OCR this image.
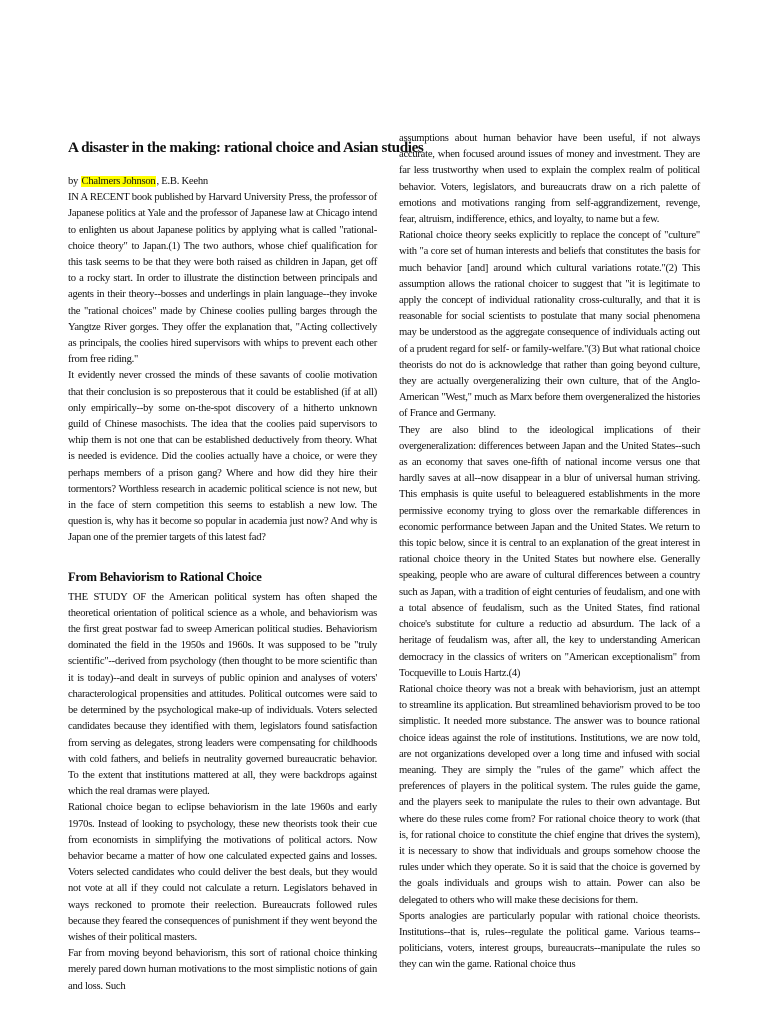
A disaster in the making: rational choice and Asian studies

by Chalmers Johnson, E.B. Keehn

IN A RECENT book published by Harvard University Press, the professor of Japanese politics at Yale and the professor of Japanese law at Chicago intend to enlighten us about Japanese politics by applying what is called "rational-choice theory" to Japan.(1) The two authors, whose chief qualification for this task seems to be that they were both raised as children in Japan, get off to a rocky start. In order to illustrate the distinction between principals and agents in their theory--bosses and underlings in plain language--they invoke the "rational choices" made by Chinese coolies pulling barges through the Yangtze River gorges. They offer the explanation that, "Acting collectively as principals, the coolies hired supervisors with whips to prevent each other from free riding."

It evidently never crossed the minds of these savants of coolie motivation that their conclusion is so preposterous that it could be established (if at all) only empirically--by some on-the-spot discovery of a hitherto unknown guild of Chinese masochists. The idea that the coolies paid supervisors to whip them is not one that can be established deductively from theory. What is needed is evidence. Did the coolies actually have a choice, or were they perhaps members of a prison gang? Where and how did they hire their tormentors? Worthless research in academic political science is not new, but in the face of stern competition this seems to establish a new low. The question is, why has it become so popular in academia just now? And why is Japan one of the premier targets of this latest fad?

From Behaviorism to Rational Choice

THE STUDY OF the American political system has often shaped the theoretical orientation of political science as a whole, and behaviorism was the first great postwar fad to sweep American political studies. Behaviorism dominated the field in the 1950s and 1960s. It was supposed to be "truly scientific"--derived from psychology (then thought to be more scientific than it is today)--and dealt in surveys of public opinion and analyses of voters' characterological propensities and attitudes. Political outcomes were said to be determined by the psychological make-up of individuals. Voters selected candidates because they identified with them, legislators found satisfaction from serving as delegates, strong leaders were compensating for childhoods with cold fathers, and beliefs in neutrality governed bureaucratic behavior. To the extent that institutions mattered at all, they were backdrops against which the real dramas were played.

Rational choice began to eclipse behaviorism in the late 1960s and early 1970s. Instead of looking to psychology, these new theorists took their cue from economists in simplifying the motivations of political actors. Now behavior became a matter of how one calculated expected gains and losses. Voters selected candidates who could deliver the best deals, but they would not vote at all if they could not calculate a return. Legislators behaved in ways reckoned to promote their reelection. Bureaucrats followed rules because they feared the consequences of punishment if they went beyond the wishes of their political masters.

Far from moving beyond behaviorism, this sort of rational choice thinking merely pared down human motivations to the most simplistic notions of gain and loss. Such

assumptions about human behavior have been useful, if not always accurate, when focused around issues of money and investment. They are far less trustworthy when used to explain the complex realm of political behavior. Voters, legislators, and bureaucrats draw on a rich palette of emotions and motivations ranging from self-aggrandizement, revenge, fear, altruism, indifference, ethics, and loyalty, to name but a few.

Rational choice theory seeks explicitly to replace the concept of "culture" with "a core set of human interests and beliefs that constitutes the basis for much behavior [and] around which cultural variations rotate."(2) This assumption allows the rational choicer to suggest that "it is legitimate to apply the concept of individual rationality cross-culturally, and that it is reasonable for social scientists to postulate that many social phenomena may be understood as the aggregate consequence of individuals acting out of a prudent regard for self- or family-welfare."(3) But what rational choice theorists do not do is acknowledge that rather than going beyond culture, they are actually overgeneralizing their own culture, that of the Anglo-American "West," much as Marx before them overgeneralized the histories of France and Germany.

They are also blind to the ideological implications of their overgeneralization: differences between Japan and the United States--such as an economy that saves one-fifth of national income versus one that hardly saves at all--now disappear in a blur of universal human striving. This emphasis is quite useful to beleaguered establishments in the more permissive economy trying to gloss over the remarkable differences in economic performance between Japan and the United States. We return to this topic below, since it is central to an explanation of the great interest in rational choice theory in the United States but nowhere else. Generally speaking, people who are aware of cultural differences between a country such as Japan, with a tradition of eight centuries of feudalism, and one with a total absence of feudalism, such as the United States, find rational choice's substitute for culture a reductio ad absurdum. The lack of a heritage of feudalism was, after all, the key to understanding American democracy in the classics of writers on "American exceptionalism" from Tocqueville to Louis Hartz.(4)

Rational choice theory was not a break with behaviorism, just an attempt to streamline its application. But streamlined behaviorism proved to be too simplistic. It needed more substance. The answer was to bounce rational choice ideas against the role of institutions. Institutions, we are now told, are not organizations developed over a long time and infused with social meaning. They are simply the "rules of the game" which affect the preferences of players in the political system. The rules guide the game, and the players seek to manipulate the rules to their own advantage. But where do these rules come from? For rational choice theory to work (that is, for rational choice to constitute the chief engine that drives the system), it is necessary to show that individuals and groups somehow choose the rules under which they operate. So it is said that the choice is governed by the goals individuals and groups wish to attain. Power can also be delegated to others who will make these decisions for them.

Sports analogies are particularly popular with rational choice theorists. Institutions--that is, rules--regulate the political game. Various teams--politicians, voters, interest groups, bureaucrats--manipulate the rules so they can win the game. Rational choice thus
